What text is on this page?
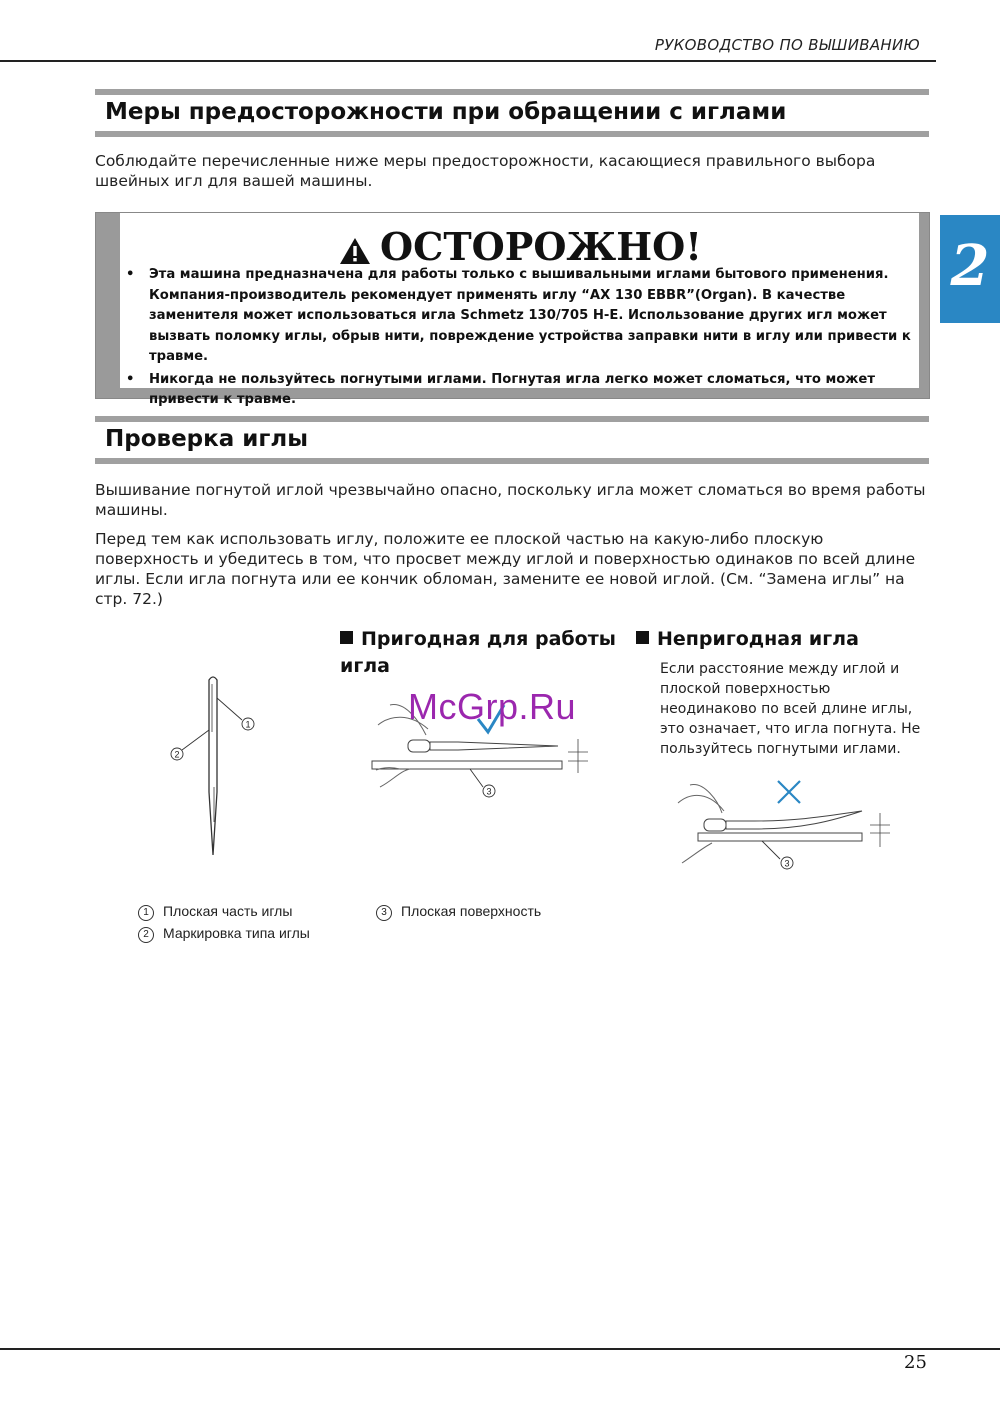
РУКОВОДСТВО ПО ВЫШИВАНИЮ
2
Меры предосторожности при обращении с иглами
Соблюдайте перечисленные ниже меры предосторожности, касающиеся правильного выбора швейных игл для вашей машины.
ОСТОРОЖНО!
• Эта машина предназначена для работы только с вышивальными иглами бытового применения. Компания-производитель рекомендует применять иглу “AX 130 EBBR”(Organ). В качестве заменителя может использоваться игла Schmetz 130/705 H-E. Использование других игл может вызвать поломку иглы, обрыв нити, повреждение устройства заправки нити в иглу или привести к травме.
• Никогда не пользуйтесь погнутыми иглами. Погнутая игла легко может сломаться, что может привести к травме.
Проверка иглы
Вышивание погнутой иглой чрезвычайно опасно, поскольку игла может сломаться во время работы машины.
Перед тем как использовать иглу, положите ее плоской частью на какую-либо плоскую поверхность и убедитесь в том, что просвет между иглой и поверхностью одинаков по всей длине иглы. Если игла погнута или ее кончик обломан, замените ее новой иглой. (См. “Замена иглы” на стр. 72.)
1
2
Пригодная для работы игла
3
Непригодная игла
Если расстояние между иглой и плоской поверхностью неодинаково по всей длине иглы, это означает, что игла погнута. Не пользуйтесь погнутыми иглами.
3
1 Плоская часть иглы
2 Маркировка типа иглы
3 Плоская поверхность
McGrp.Ru
25
